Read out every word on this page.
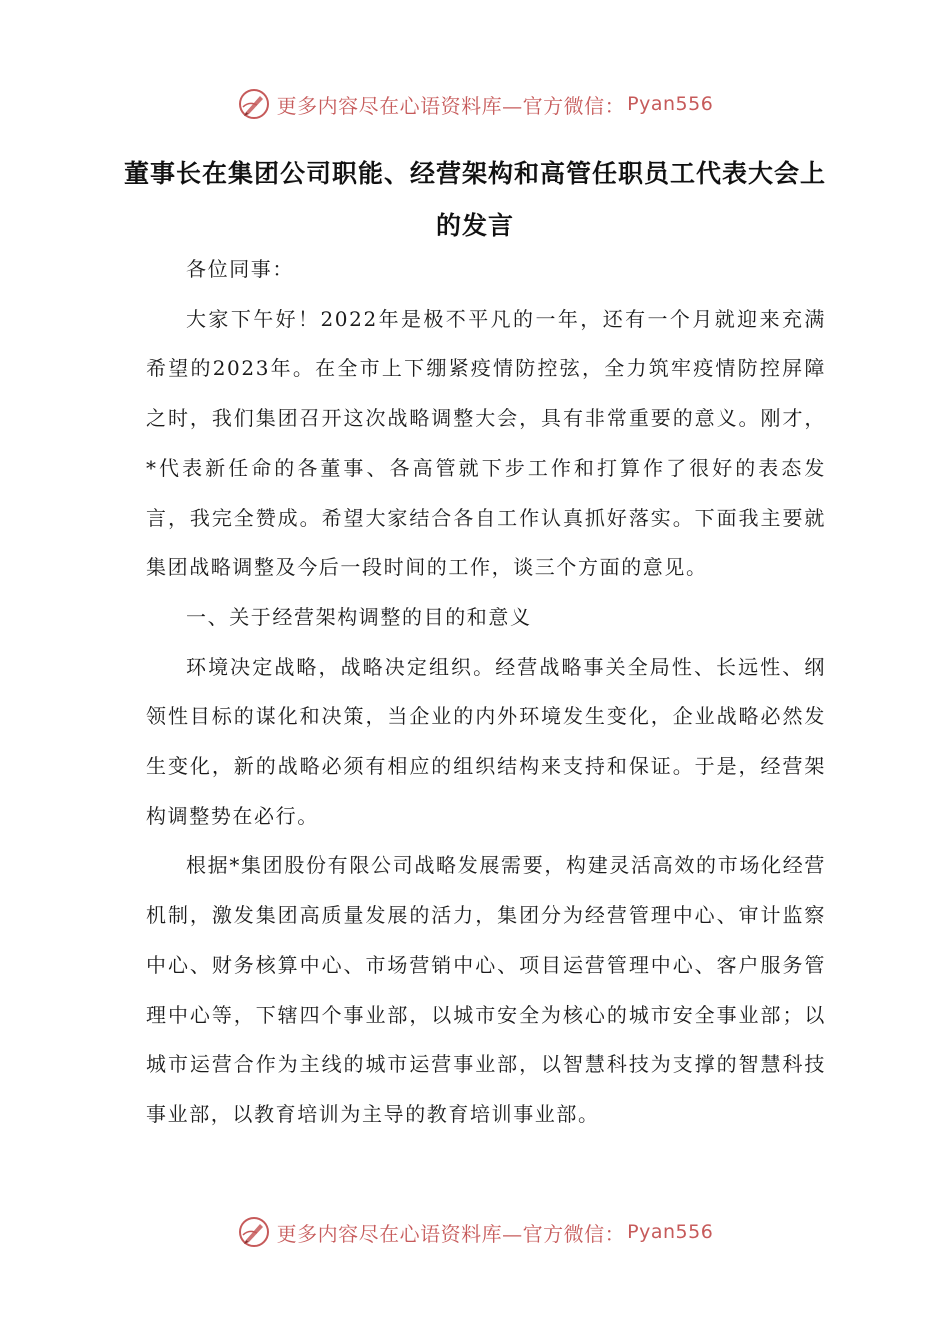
更多内容尽在心语资料库—官方微信： Pyan556
董事长在集团公司职能、经营架构和高管任职员工代表大会上的发言

各位同事：

大家下午好！2022年是极不平凡的一年，还有一个月就迎来充满希望的2023年。在全市上下绷紧疫情防控弦，全力筑牢疫情防控屏障之时，我们集团召开这次战略调整大会，具有非常重要的意义。刚才，*代表新任命的各董事、各高管就下步工作和打算作了很好的表态发言，我完全赞成。希望大家结合各自工作认真抓好落实。下面我主要就集团战略调整及今后一段时间的工作，谈三个方面的意见。

一、关于经营架构调整的目的和意义

环境决定战略，战略决定组织。经营战略事关全局性、长远性、纲领性目标的谋化和决策，当企业的内外环境发生变化，企业战略必然发生变化，新的战略必须有相应的组织结构来支持和保证。于是，经营架构调整势在必行。

根据*集团股份有限公司战略发展需要，构建灵活高效的市场化经营机制，激发集团高质量发展的活力，集团分为经营管理中心、审计监察中心、财务核算中心、市场营销中心、项目运营管理中心、客户服务管理中心等，下辖四个事业部，以城市安全为核心的城市安全事业部；以城市运营合作为主线的城市运营事业部，以智慧科技为支撑的智慧科技事业部，以教育培训为主导的教育培训事业部。

更多内容尽在心语资料库—官方微信： Pyan556
